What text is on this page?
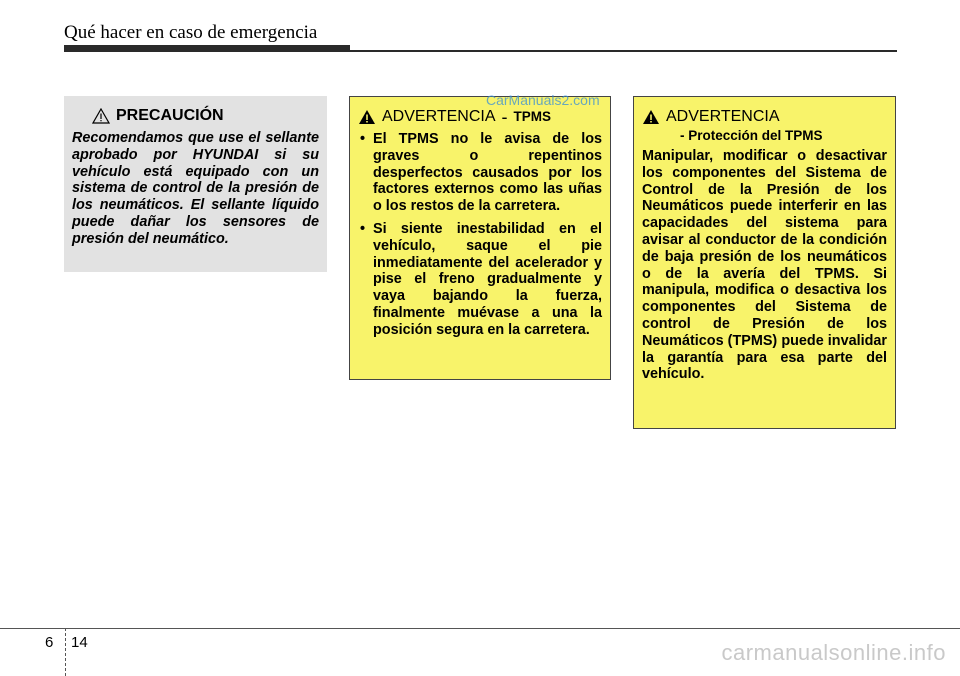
Qué hacer en caso de emergencia
PRECAUCIÓN
Recomendamos que use el sellante aprobado por HYUNDAI si su vehículo está equipado con un sistema de control de la presión de los neumáticos. El sellante líquido puede dañar los sensores de presión del neumático.
ADVERTENCIA - TPMS
• El TPMS no le avisa de los graves o repentinos desperfectos causados por los factores externos como las uñas o los restos de la carretera.
• Si siente inestabilidad en el vehículo, saque el pie inmediatamente del acelerador y pise el freno gradualmente y vaya bajando la fuerza, finalmente muévase a una la posición segura en la carretera.
CarManuals2.com
ADVERTENCIA
- Protección del TPMS
Manipular, modificar o desactivar los componentes del Sistema de Control de la Presión de los Neumáticos puede interferir en las capacidades del sistema para avisar al conductor de la condición de baja presión de los neumáticos o de la avería del TPMS. Si manipula, modifica o desactiva los componentes del Sistema de control de Presión de los Neumáticos (TPMS) puede invalidar la garantía para esa parte del vehículo.
6 14	carmanualsonline.info
